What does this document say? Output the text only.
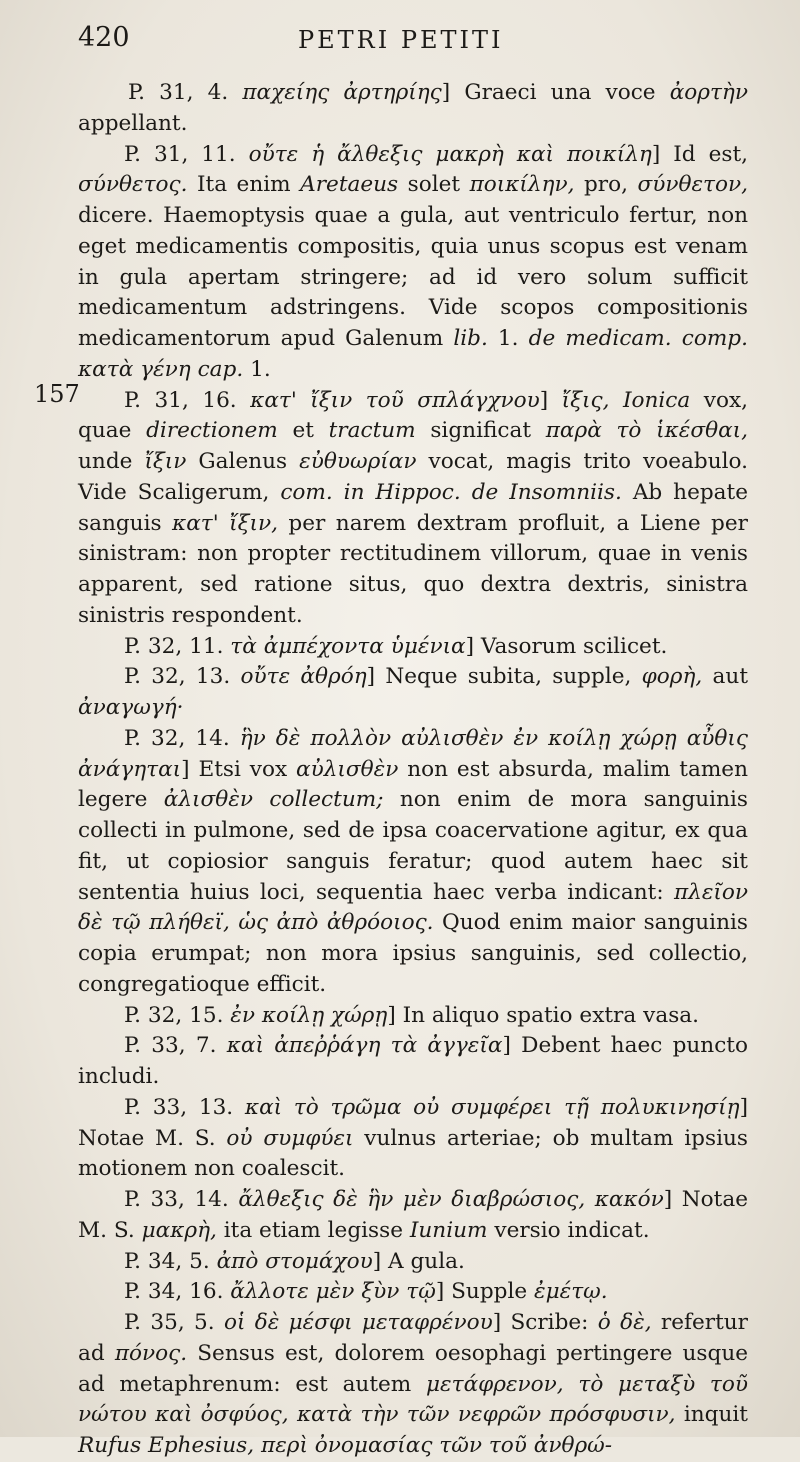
420	PETRI PETITI
157

P. 31, 4. παχείης ἀρτηρίης] Graeci una voce ἀορτὴν appellant.

P. 31, 11. οὔτε ἡ ἄλθεξις μακρὴ καὶ ποικίλη] Id est, σύνθετος. Ita enim Aretaeus solet ποικίλην, pro, σύνθετον, dicere. Haemoptysis quae a gula, aut ventriculo fertur, non eget medicamentis compositis, quia unus scopus est venam in gula apertam stringere; ad id vero solum sufficit medicamentum adstringens. Vide scopos compositionis medicamentorum apud Galenum lib. 1. de medicam. comp. κατὰ γένη cap. 1.

P. 31, 16. κατ' ἴξιν τοῦ σπλάγχνου] ἴξις, Ionica vox, quae directionem et tractum significat παρὰ τὸ ἱκέσθαι, unde ἴξιν Galenus εὐθυωρίαν vocat, magis trito voeabulo. Vide Scaligerum, com. in Hippoc. de Insomniis. Ab hepate sanguis κατ' ἴξιν, per narem dextram profluit, a Liene per sinistram: non propter rectitudinem villorum, quae in venis apparent, sed ratione situs, quo dextra dextris, sinistra sinistris respondent.

P. 32, 11. τὰ ἀμπέχοντα ὑμένια] Vasorum scilicet.

P. 32, 13. οὔτε ἀθρόη] Neque subita, supple, φορὴ, aut ἀναγωγή·

P. 32, 14. ἣν δὲ πολλὸν αὐλισθὲν ἐν κοίλῃ χώρῃ αὖθις ἀνάγηται] Etsi vox αὐλισθὲν non est absurda, malim tamen legere ἀλισθὲν collectum; non enim de mora sanguinis collecti in pulmone, sed de ipsa coacervatione agitur, ex qua fit, ut copiosior sanguis feratur; quod autem haec sit sententia huius loci, sequentia haec verba indicant: πλεῖον δὲ τῷ πλήθεϊ, ὡς ἀπὸ ἀθρόοιος. Quod enim maior sanguinis copia erumpat; non mora ipsius sanguinis, sed collectio, congregatioque efficit.

P. 32, 15. ἐν κοίλῃ χώρῃ] In aliquo spatio extra vasa.

P. 33, 7. καὶ ἀπεῤῥάγη τὰ ἀγγεῖα] Debent haec puncto includi.

P. 33, 13. καὶ τὸ τρῶμα οὐ συμφέρει τῇ πολυκινησίῃ] Notae M. S. οὐ συμφύει vulnus arteriae; ob multam ipsius motionem non coalescit.

P. 33, 14. ἄλθεξις δὲ ἣν μὲν διαβρώσιος, κακόν] Notae M. S. μακρὴ, ita etiam legisse Iunium versio indicat.

P. 34, 5. ἀπὸ στομάχου] A gula.

P. 34, 16. ἄλλοτε μὲν ξὺν τῷ] Supple ἐμέτῳ.

P. 35, 5. οἱ δὲ μέσφι μεταφρένου] Scribe: ὁ δὲ, refertur ad πόνος. Sensus est, dolorem oesophagi pertingere usque ad metaphrenum: est autem μετάφρενον, τὸ μεταξὺ τοῦ νώτου καὶ ὀσφύος, κατὰ τὴν τῶν νεφρῶν πρόσφυσιν, inquit Rufus Ephesius, περὶ ὀνομασίας τῶν τοῦ ἀνθρώ-
